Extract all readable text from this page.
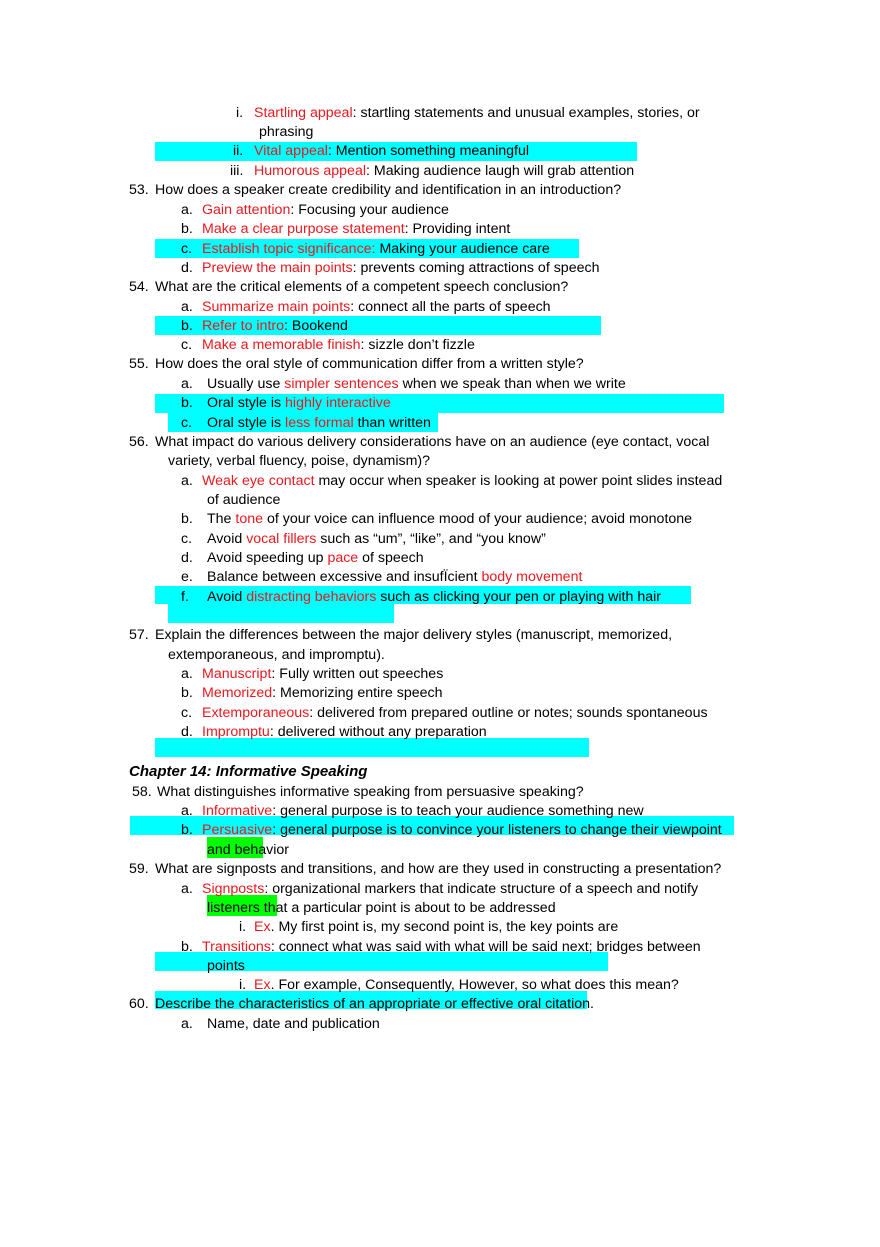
i. Startling appeal: startling statements and unusual examples, stories, or
phrasing
ii. Vital appeal: Mention something meaningful
iii. Humorous appeal: Making audience laugh will grab attention
53. How does a speaker create credibility and identification in an introduction?
a. Gain attention: Focusing your audience
b. Make a clear purpose statement: Providing intent
c. Establish topic significance: Making your audience care
d. Preview the main points: prevents coming attractions of speech
54. What are the critical elements of a competent speech conclusion?
a. Summarize main points: connect all the parts of speech
b. Refer to intro: Bookend
c. Make a memorable finish: sizzle don’t fizzle
55. How does the oral style of communication differ from a written style?
a. Usually use simpler sentences when we speak than when we write
b. Oral style is highly interactive
c. Oral style is less formal than written
56. What impact do various delivery considerations have on an audience (eye contact, vocal
variety, verbal fluency, poise, dynamism)?
a. Weak eye contact may occur when speaker is looking at power point slides instead
of audience
b. The tone of your voice can influence mood of your audience; avoid monotone
c. Avoid vocal fillers such as “um”, “like”, and “you know”
d. Avoid speeding up pace of speech
e. Balance between excessive and insufÏcient body movement
f. Avoid distracting behaviors such as clicking your pen or playing with hair
57. Explain the differences between the major delivery styles (manuscript, memorized,
extemporaneous, and impromptu).
a. Manuscript: Fully written out speeches
b. Memorized: Memorizing entire speech
c. Extemporaneous: delivered from prepared outline or notes; sounds spontaneous
d. Impromptu: delivered without any preparation
Chapter 14: Informative Speaking
58. What distinguishes informative speaking from persuasive speaking?
a. Informative: general purpose is to teach your audience something new
b. Persuasive: general purpose is to convince your listeners to change their viewpoint
and behavior
59. What are signposts and transitions, and how are they used in constructing a presentation?
a. Signposts: organizational markers that indicate structure of a speech and notify
listeners that a particular point is about to be addressed
i. Ex. My first point is, my second point is, the key points are
b. Transitions: connect what was said with what will be said next; bridges between
points
i. Ex. For example, Consequently, However, so what does this mean?
60. Describe the characteristics of an appropriate or effective oral citation.
a. Name, date and publication
